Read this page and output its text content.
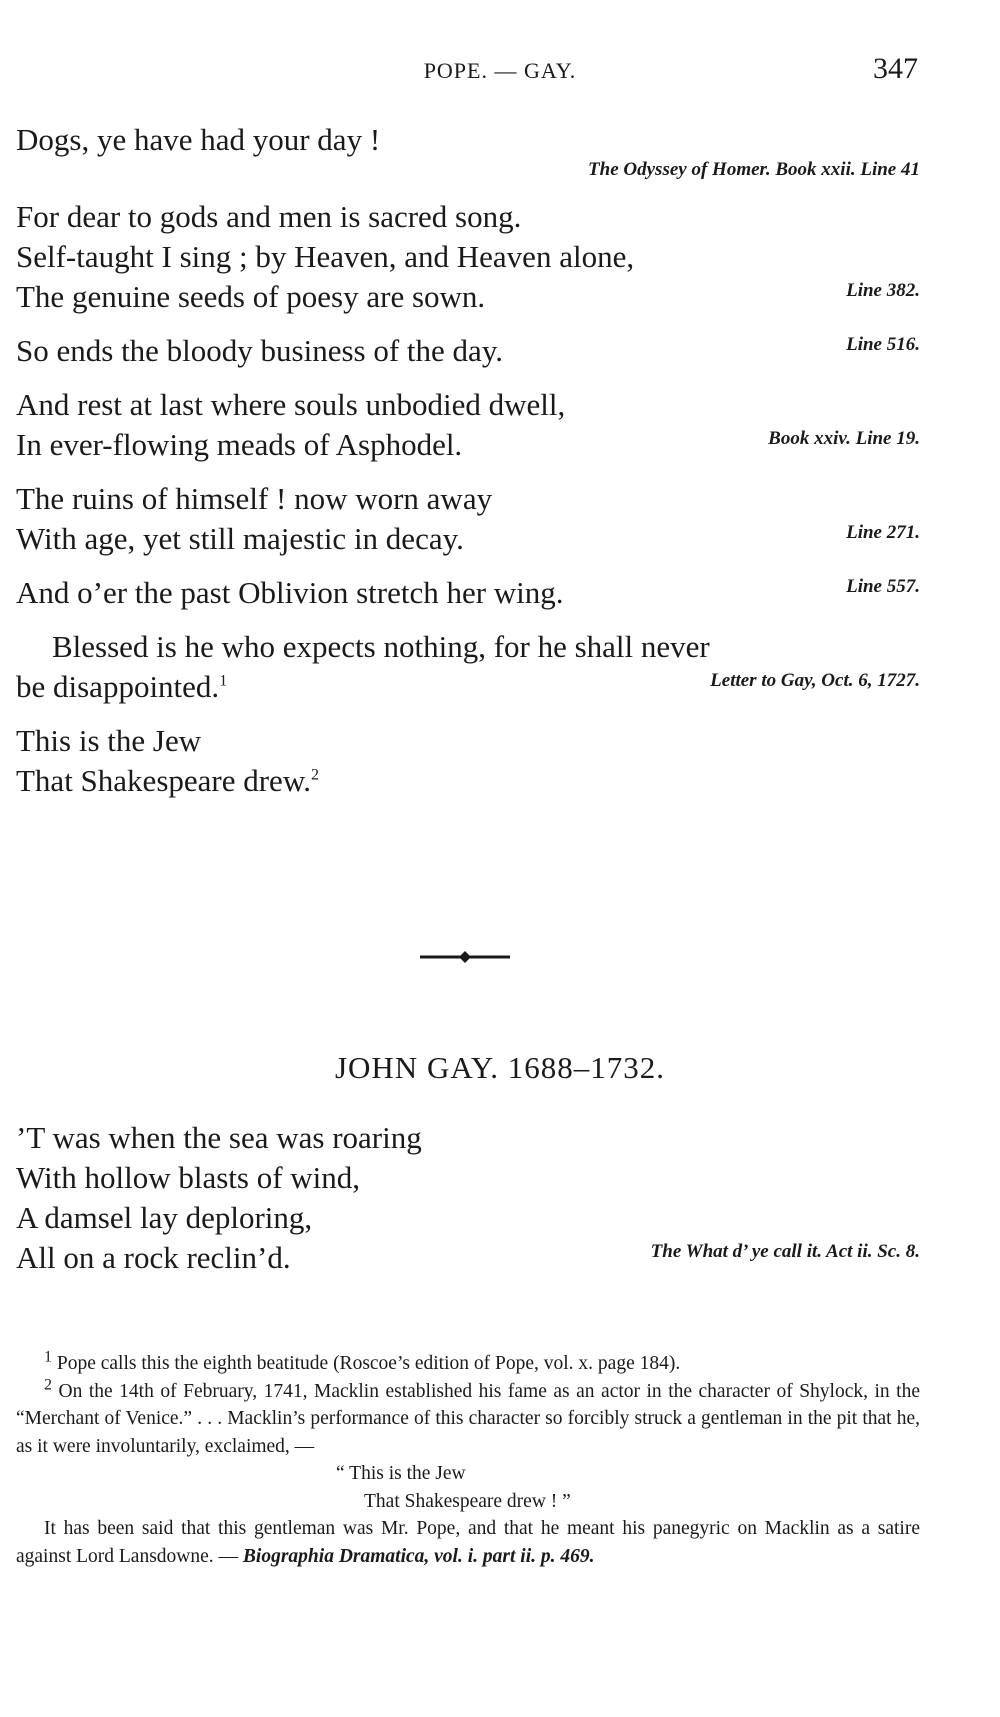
POPE. — GAY.	347
Dogs, ye have had your day !
The Odyssey of Homer. Book xxii. Line 41
For dear to gods and men is sacred song.
Self-taught I sing ; by Heaven, and Heaven alone,
The genuine seeds of poesy are sown.	Line 382.
So ends the bloody business of the day.	Line 516.
And rest at last where souls unbodied dwell,
In ever-flowing meads of Asphodel.	Book xxiv. Line 19.
The ruins of himself ! now worn away
With age, yet still majestic in decay.	Line 271.
And o’er the past Oblivion stretch her wing.	Line 557.
Blessed is he who expects nothing, for he shall never
be disappointed.$^1$	Letter to Gay, Oct. 6, 1727.
This is the Jew
That Shakespeare drew.$^2$
JOHN GAY. 1688–1732.
’T was when the sea was roaring
With hollow blasts of wind,
A damsel lay deploring,
All on a rock reclin’d.	The What d’ ye call it. Act ii. Sc. 8.

$^1$ Pope calls this the eighth beatitude (Roscoe’s edition of Pope, vol. x. page 184).

$^2$ On the 14th of February, 1741, Macklin established his fame as an actor in the character of Shylock, in the “Merchant of Venice.” . . . Macklin’s performance of this character so forcibly struck a gentleman in the pit that he, as it were involuntarily, exclaimed, —

“ This is the Jew

That Shakespeare drew ! ”

It has been said that this gentleman was Mr. Pope, and that he meant his panegyric on Macklin as a satire against Lord Lansdowne. — Biographia Dramatica, vol. i. part ii. p. 469.
